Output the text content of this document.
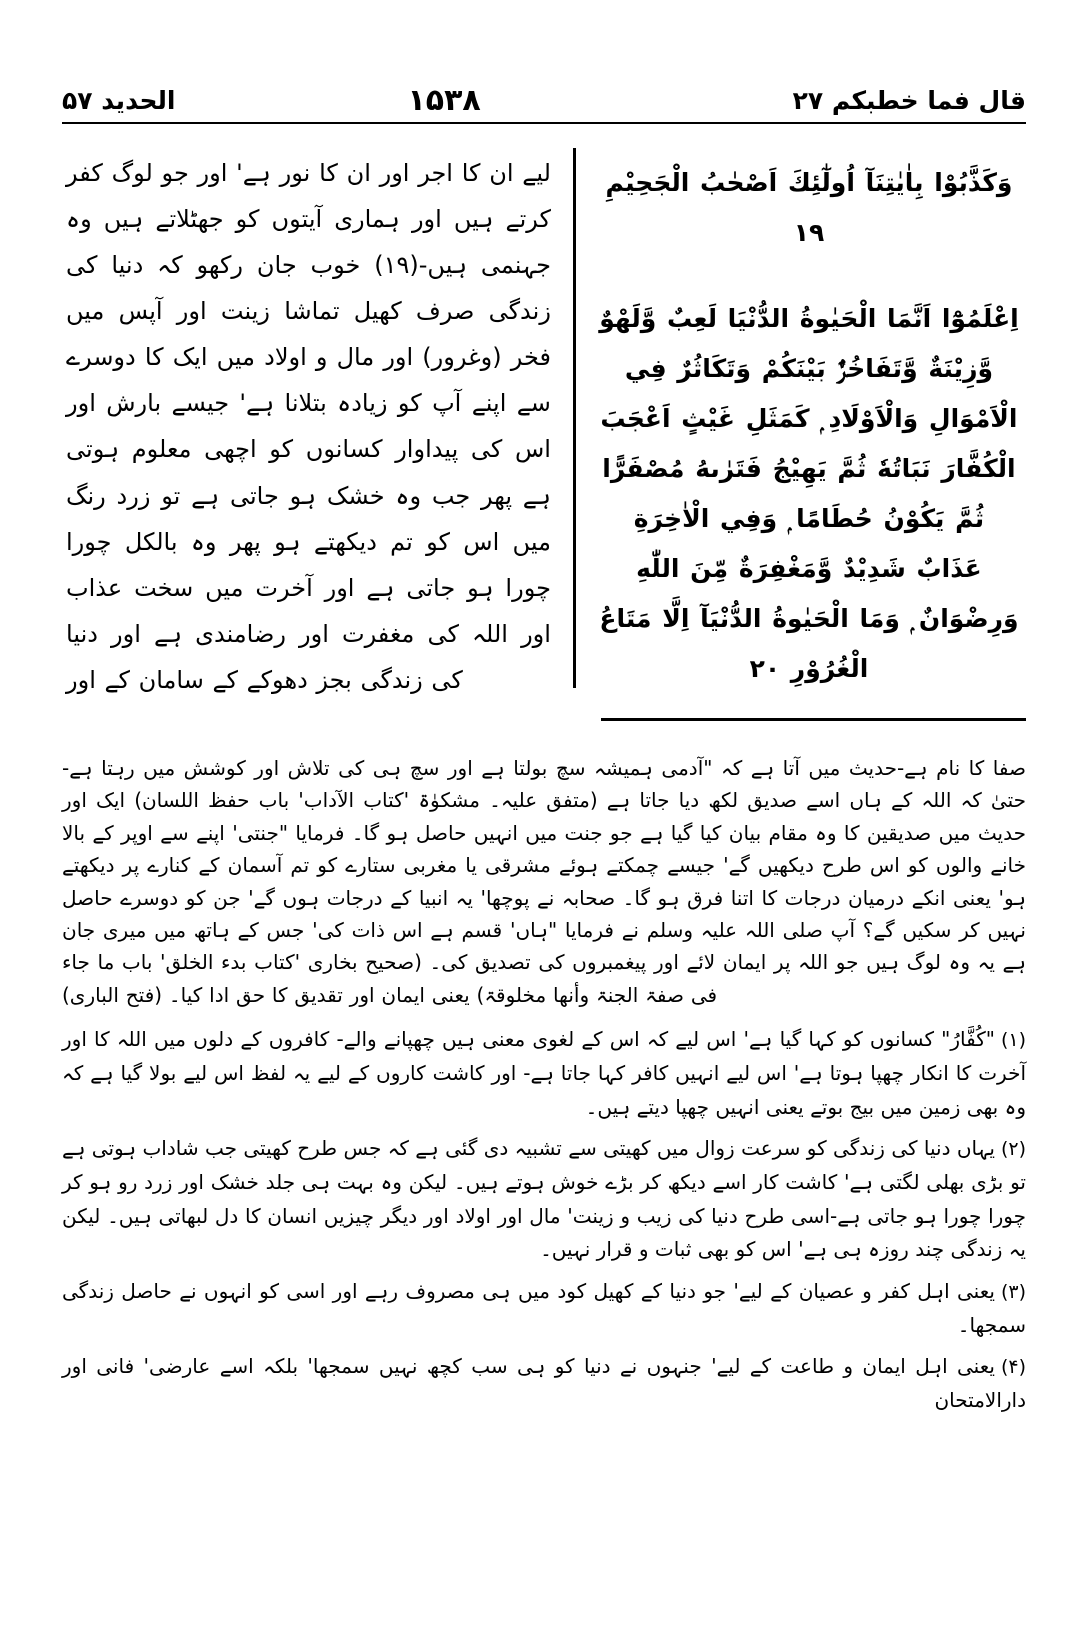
قال فما خطبکم ۲۷
۱۵۳۸
الحدید ۵۷
وَكَذَّبُوْا بِاٰيٰتِنَآ اُولٰٓئِكَ اَصْحٰبُ الْجَحِيْمِ ۱۹
اِعْلَمُوْٓا اَنَّمَا الْحَيٰوةُ الدُّنْيَا لَعِبٌ وَّلَهْوٌ وَّزِيْنَةٌ وَّتَفَاخُرٌۢ بَيْنَكُمْ وَتَكَاثُرٌ فِي الْاَمْوَالِ وَالْاَوْلَادِ ۭ كَمَثَلِ غَيْثٍ اَعْجَبَ الْكُفَّارَ نَبَاتُهٗ ثُمَّ يَهِيْجُ فَتَرٰىهُ مُصْفَرًّا ثُمَّ يَكُوْنُ حُطَامًا ۭ وَفِي الْاٰخِرَةِ عَذَابٌ شَدِيْدٌ وَّمَغْفِرَةٌ مِّنَ اللّٰهِ وَرِضْوَانٌ ۭ وَمَا الْحَيٰوةُ الدُّنْيَآ اِلَّا مَتَاعُ الْغُرُوْرِ ۲۰
لیے ان کا اجر اور ان کا نور ہے' اور جو لوگ کفر کرتے ہیں اور ہماری آیتوں کو جھٹلاتے ہیں وہ جہنمی ہیں-(۱۹) خوب جان رکھو کہ دنیا کی زندگی صرف کھیل تماشا زینت اور آپس میں فخر (وغرور) اور مال و اولاد میں ایک کا دوسرے سے اپنے آپ کو زیادہ بتلانا ہے' جیسے بارش اور اس کی پیداوار کسانوں کو اچھی معلوم ہوتی ہے پھر جب وہ خشک ہو جاتی ہے تو زرد رنگ میں اس کو تم دیکھتے ہو پھر وہ بالکل چورا چورا ہو جاتی ہے اور آخرت میں سخت عذاب اور اللہ کی مغفرت اور رضامندی ہے اور دنیا کی زندگی بجز دھوکے کے سامان کے اور

صفا کا نام ہے-حدیث میں آتا ہے کہ "آدمی ہمیشہ سچ بولتا ہے اور سچ ہی کی تلاش اور کوشش میں رہتا ہے- حتیٰ کہ اللہ کے ہاں اسے صدیق لکھ دیا جاتا ہے (متفق علیہ۔ مشکوٰۃ 'کتاب الآداب' باب حفظ اللسان) ایک اور حدیث میں صدیقین کا وہ مقام بیان کیا گیا ہے جو جنت میں انہیں حاصل ہو گا۔ فرمایا "جنتی' اپنے سے اوپر کے بالا خانے والوں کو اس طرح دیکھیں گے' جیسے چمکتے ہوئے مشرقی یا مغربی ستارے کو تم آسمان کے کنارے پر دیکھتے ہو' یعنی انکے درمیان درجات کا اتنا فرق ہو گا۔ صحابہ نے پوچھا' یہ انبیا کے درجات ہوں گے' جن کو دوسرے حاصل نہیں کر سکیں گے؟ آپ صلی اللہ علیہ وسلم نے فرمایا "ہاں' قسم ہے اس ذات کی' جس کے ہاتھ میں میری جان ہے یہ وہ لوگ ہیں جو اللہ پر ایمان لائے اور پیغمبروں کی تصدیق کی۔ (صحیح بخاری 'کتاب بدء الخلق' باب ما جاء فی صفۃ الجنۃ وأنھا مخلوقۃ) یعنی ایمان اور تقدیق کا حق ادا کیا۔ (فتح الباری)

(۱)"کُفَّارُ" کسانوں کو کہا گیا ہے' اس لیے کہ اس کے لغوی معنی ہیں چھپانے والے- کافروں کے دلوں میں اللہ کا اور آخرت کا انکار چھپا ہوتا ہے' اس لیے انہیں کافر کہا جاتا ہے- اور کاشت کاروں کے لیے یہ لفظ اس لیے بولا گیا ہے کہ وہ بھی زمین میں بیج بوتے یعنی انہیں چھپا دیتے ہیں۔
(۲)یہاں دنیا کی زندگی کو سرعت زوال میں کھیتی سے تشبیہ دی گئی ہے کہ جس طرح کھیتی جب شاداب ہوتی ہے تو بڑی بھلی لگتی ہے' کاشت کار اسے دیکھ کر بڑے خوش ہوتے ہیں۔ لیکن وہ بہت ہی جلد خشک اور زرد رو ہو کر چورا چورا ہو جاتی ہے-اسی طرح دنیا کی زیب و زینت' مال اور اولاد اور دیگر چیزیں انسان کا دل لبھاتی ہیں۔ لیکن یہ زندگی چند روزہ ہی ہے' اس کو بھی ثبات و قرار نہیں۔
(۳)یعنی اہل کفر و عصیان کے لیے' جو دنیا کے کھیل کود میں ہی مصروف رہے اور اسی کو انہوں نے حاصل زندگی سمجھا۔
(۴)یعنی اہل ایمان و طاعت کے لیے' جنہوں نے دنیا کو ہی سب کچھ نہیں سمجھا' بلکہ اسے عارضی' فانی اور دارالامتحان
